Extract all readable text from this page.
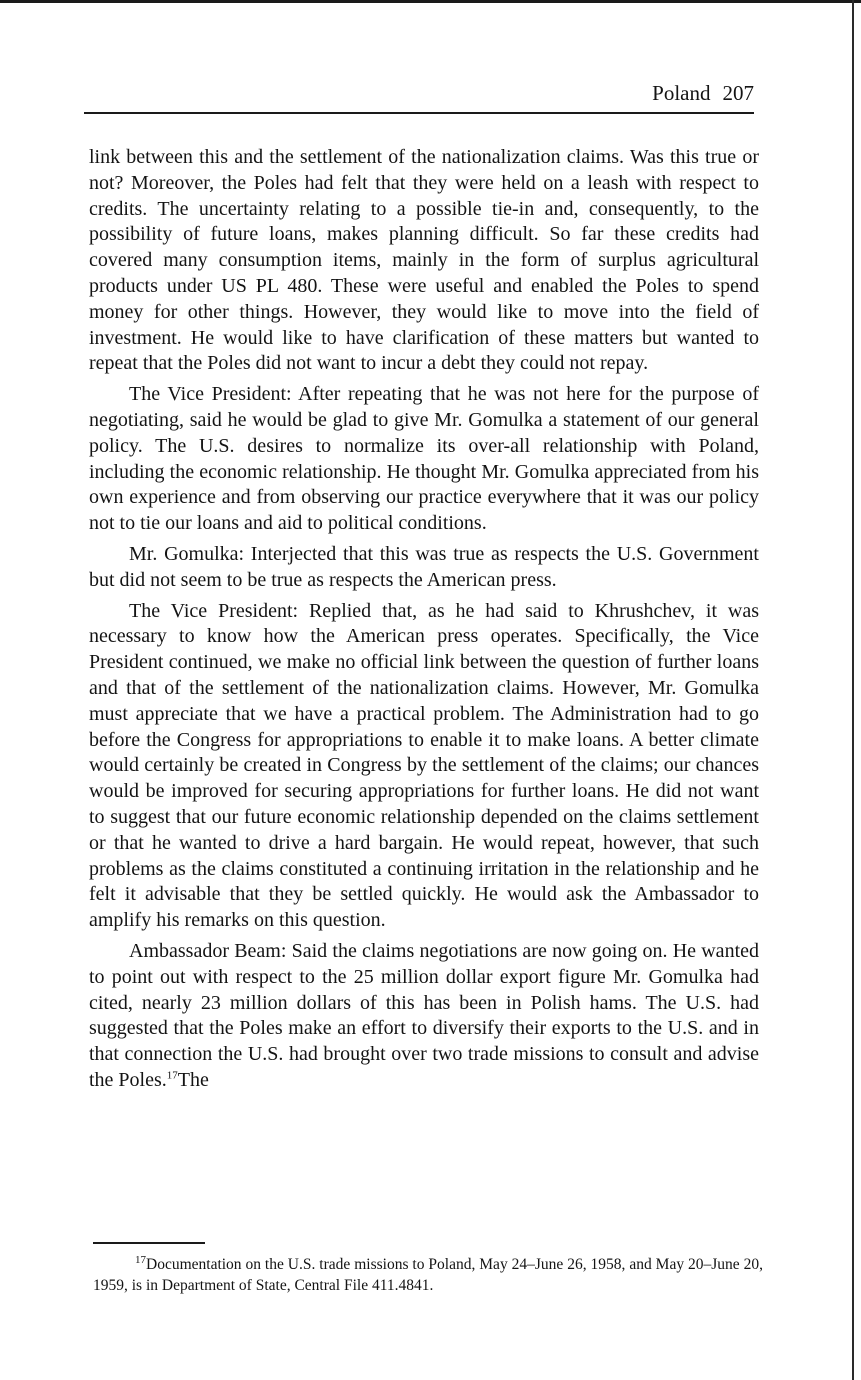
Poland 207

link between this and the settlement of the nationalization claims. Was this true or not? Moreover, the Poles had felt that they were held on a leash with respect to credits. The uncertainty relating to a possible tie-in and, consequently, to the possibility of future loans, makes planning difficult. So far these credits had covered many consumption items, mainly in the form of surplus agricultural products under US PL 480. These were useful and enabled the Poles to spend money for other things. However, they would like to move into the field of investment. He would like to have clarification of these matters but wanted to repeat that the Poles did not want to incur a debt they could not repay.

The Vice President: After repeating that he was not here for the purpose of negotiating, said he would be glad to give Mr. Gomulka a statement of our general policy. The U.S. desires to normalize its over-all relationship with Poland, including the economic relationship. He thought Mr. Gomulka appreciated from his own experience and from observing our practice everywhere that it was our policy not to tie our loans and aid to political conditions.

Mr. Gomulka: Interjected that this was true as respects the U.S. Government but did not seem to be true as respects the American press.

The Vice President: Replied that, as he had said to Khrushchev, it was necessary to know how the American press operates. Specifically, the Vice President continued, we make no official link between the question of further loans and that of the settlement of the nationalization claims. However, Mr. Gomulka must appreciate that we have a practical problem. The Administration had to go before the Congress for appropriations to enable it to make loans. A better climate would certainly be created in Congress by the settlement of the claims; our chances would be improved for securing appropriations for further loans. He did not want to suggest that our future economic relationship depended on the claims settlement or that he wanted to drive a hard bargain. He would repeat, however, that such problems as the claims constituted a continuing irritation in the relationship and he felt it advisable that they be settled quickly. He would ask the Ambassador to amplify his remarks on this question.

Ambassador Beam: Said the claims negotiations are now going on. He wanted to point out with respect to the 25 million dollar export figure Mr. Gomulka had cited, nearly 23 million dollars of this has been in Polish hams. The U.S. had suggested that the Poles make an effort to diversify their exports to the U.S. and in that connection the U.S. had brought over two trade missions to consult and advise the Poles.$^{17}$The

$^{17}$Documentation on the U.S. trade missions to Poland, May 24–June 26, 1958, and May 20–June 20, 1959, is in Department of State, Central File 411.4841.
